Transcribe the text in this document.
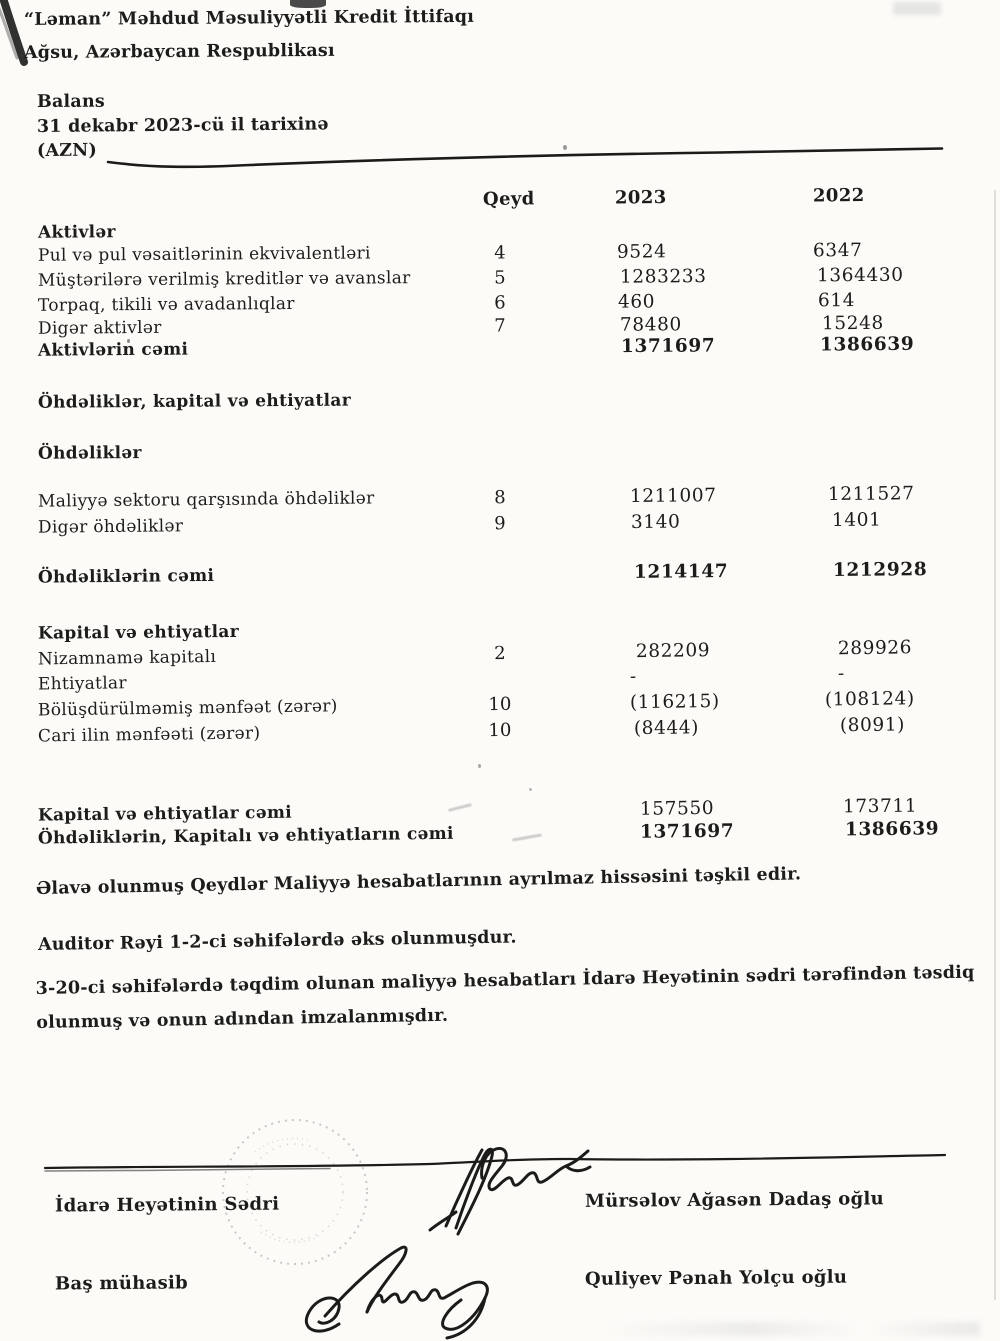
“Ləman” Məhdud Məsuliyyətli Kredit İttifaqı
Ağsu, Azərbaycan Respublikası
Balans
31 dekabr 2023-cü il tarixinə
(AZN)
Qeyd	2023	2022
Aktivlər
Pul və pul vəsaitlərinin ekvivalentləri	4	9524	6347
Müştərilərə verilmiş kreditlər və avanslar	5	1283233	1364430
Torpaq, tikili və avadanlıqlar	6	460	614
Digər aktivlər	7	78480	15248
Aktivlərin cəmi	1371697	1386639
Öhdəliklər, kapital və ehtiyatlar
Öhdəliklər
Maliyyə sektoru qarşısında öhdəliklər	8	1211007	1211527
Digər öhdəliklər	9	3140	1401
Öhdəliklərin cəmi	1214147	1212928
Kapital və ehtiyatlar
Nizamnamə kapitalı	2	282209	289926
Ehtiyatlar	-	-
Bölüşdürülməmiş mənfəət (zərər)	10	(116215)	(108124)
Cari ilin mənfəəti (zərər)	10	(8444)	(8091)
Kapital və ehtiyatlar cəmi	157550	173711
Öhdəliklərin, Kapitalı və ehtiyatların cəmi	1371697	1386639
Əlavə olunmuş Qeydlər Maliyyə hesabatlarının ayrılmaz hissəsini təşkil edir.
Auditor Rəyi 1-2-ci səhifələrdə əks olunmuşdur.
3-20-ci səhifələrdə təqdim olunan maliyyə hesabatları İdarə Heyətinin sədri tərəfindən təsdiq
olunmuş və onun adından imzalanmışdır.
İdarə Heyətinin Sədri	Mürsəlov Ağasən Dadaş oğlu
Baş mühasib	Quliyev Pənah Yolçu oğlu
